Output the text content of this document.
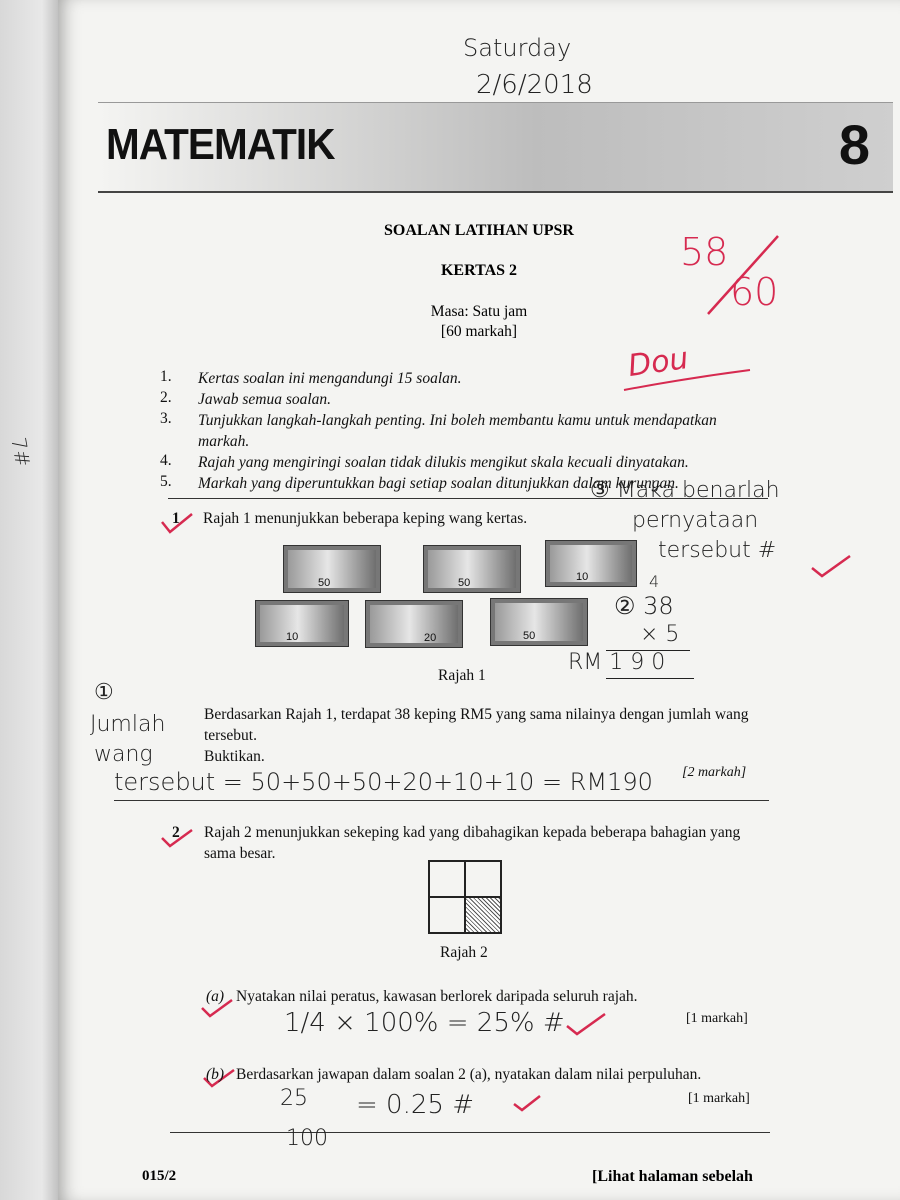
7#
Saturday
2/6/2018
MATEMATIK	8
SOALAN LATIHAN UPSR
KERTAS 2
Masa: Satu jam
[60 markah]
58
60
Dou
1.	Kertas soalan ini mengandungi 15 soalan.
2.	Jawab semua soalan.
3.	Tunjukkan langkah-langkah penting. Ini boleh membantu kamu untuk mendapatkan markah.
4.	Rajah yang mengiringi soalan tidak dilukis mengikut skala kecuali dinyatakan.
5.	Markah yang diperuntukkan bagi setiap soalan ditunjukkan dalam kurungan.
1 Rajah 1 menunjukkan beberapa keping wang kertas.
50	50	10
10	20	50
Rajah 1
③ Maka benarlah
pernyataan
tersebut #
4
② 38
× 5
RM 1 9 0
①
Jumlah
wang
Berdasarkan Rajah 1, terdapat 38 keping RM5 yang sama nilainya dengan jumlah wang tersebut.
Buktikan.
tersebut = 50+50+50+20+10+10 = RM190 [2 markah]
2 Rajah 2 menunjukkan sekeping kad yang dibahagikan kepada beberapa bahagian yang sama besar.
Rajah 2
(a) Nyatakan nilai peratus, kawasan berlorek daripada seluruh rajah.
[1 markah]
1/4 × 100% = 25% #
(b) Berdasarkan jawapan dalam soalan 2 (a), nyatakan dalam nilai perpuluhan.
[1 markah]
25 = 0.25 #
100
015/2	[Lihat halaman sebelah
